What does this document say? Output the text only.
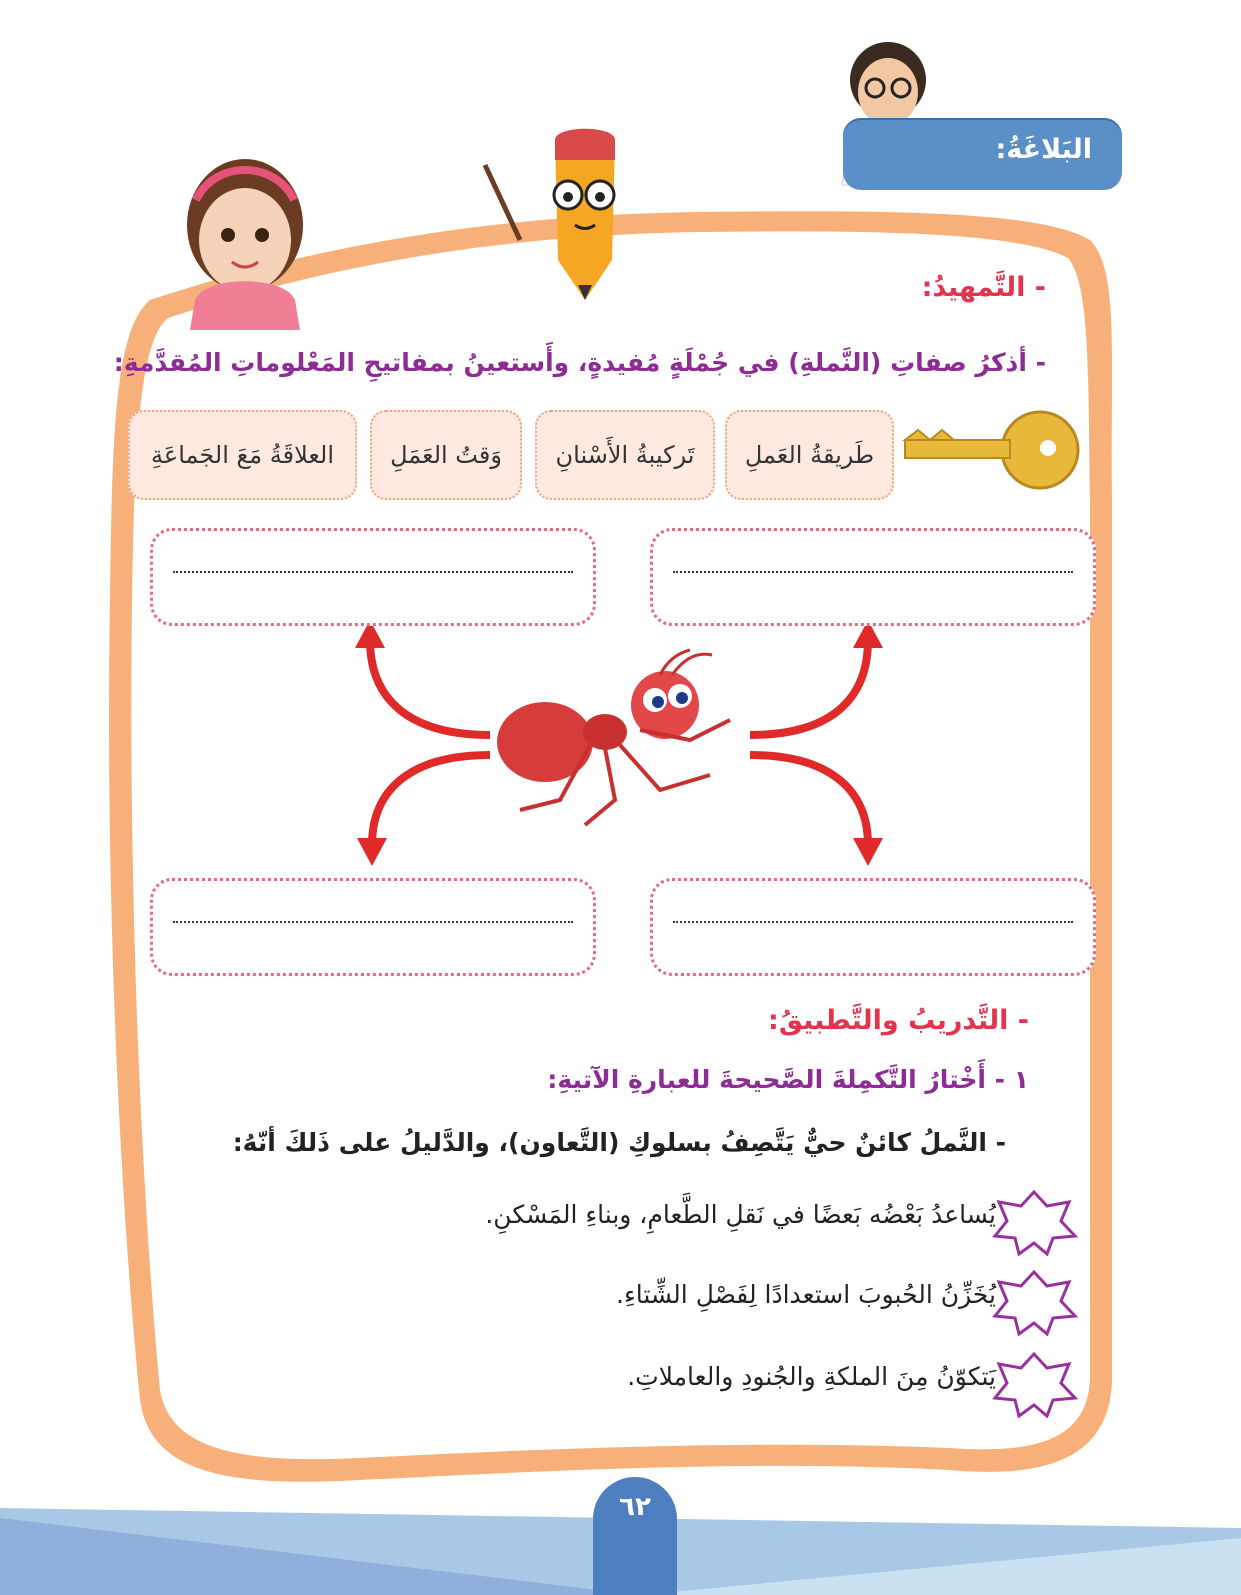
البَلاغَةُ:
- التَّمهيدُ:
- أذكرُ صفاتِ (النَّملةِ) في جُمْلَةٍ مُفيدةٍ، وأَستعينُ بمفاتيحِ المَعْلوماتِ المُقدَّمةِ:
طَريقةُ العَملِ
تَركيبةُ الأَسْنانِ
وَقتُ العَمَلِ
العلاقَةُ مَعَ الجَماعَةِ
- التَّدريبُ والتَّطبيقُ:
١ - أَخْتارُ التَّكمِلةَ الصَّحيحةَ للعبارةِ الآتيةِ:
- النَّملُ كائنٌ حيٌّ يَتَّصِفُ بسلوكِ (التَّعاون)، والدَّليلُ على ذَلكَ أنّهُ:
يُساعدُ بَعْضُه بَعضًا في نَقلِ الطَّعامِ، وبناءِ المَسْكنِ.
يُخَزِّنُ الحُبوبَ استعدادًا لِفَصْلِ الشِّتاءِ.
يَتكوّنُ مِنَ الملكةِ والجُنودِ والعاملاتِ.
٦٢
